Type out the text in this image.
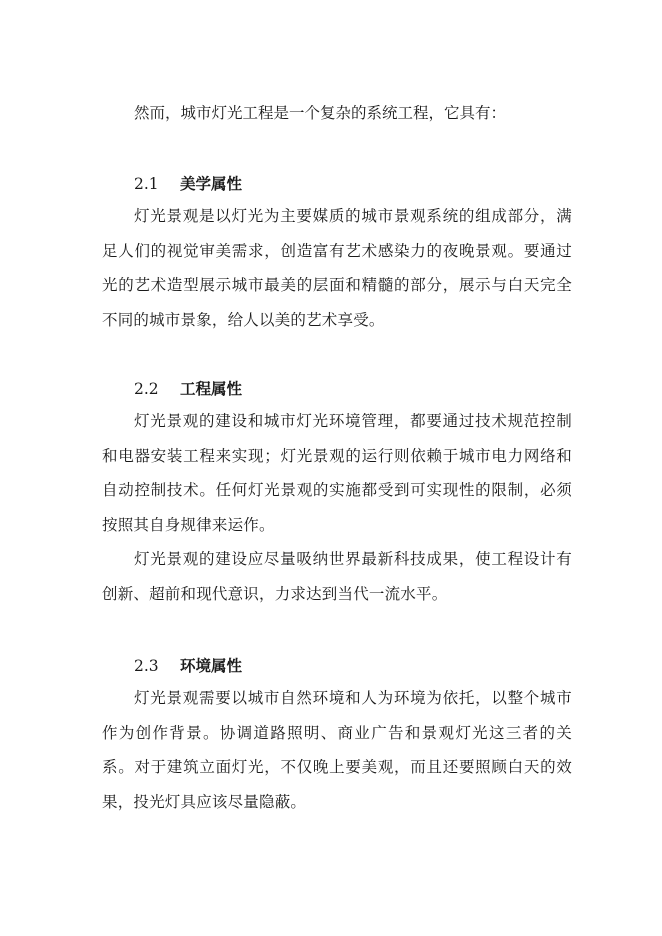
然而，城市灯光工程是一个复杂的系统工程，它具有：
2.1 美学属性

灯光景观是以灯光为主要媒质的城市景观系统的组成部分，满足人们的视觉审美需求，创造富有艺术感染力的夜晚景观。要通过光的艺术造型展示城市最美的层面和精髓的部分，展示与白天完全不同的城市景象，给人以美的艺术享受。

2.2 工程属性

灯光景观的建设和城市灯光环境管理，都要通过技术规范控制和电器安装工程来实现；灯光景观的运行则依赖于城市电力网络和自动控制技术。任何灯光景观的实施都受到可实现性的限制，必须按照其自身规律来运作。

灯光景观的建设应尽量吸纳世界最新科技成果，使工程设计有创新、超前和现代意识，力求达到当代一流水平。

2.3 环境属性

灯光景观需要以城市自然环境和人为环境为依托，以整个城市作为创作背景。协调道路照明、商业广告和景观灯光这三者的关系。对于建筑立面灯光，不仅晚上要美观，而且还要照顾白天的效果，投光灯具应该尽量隐蔽。
